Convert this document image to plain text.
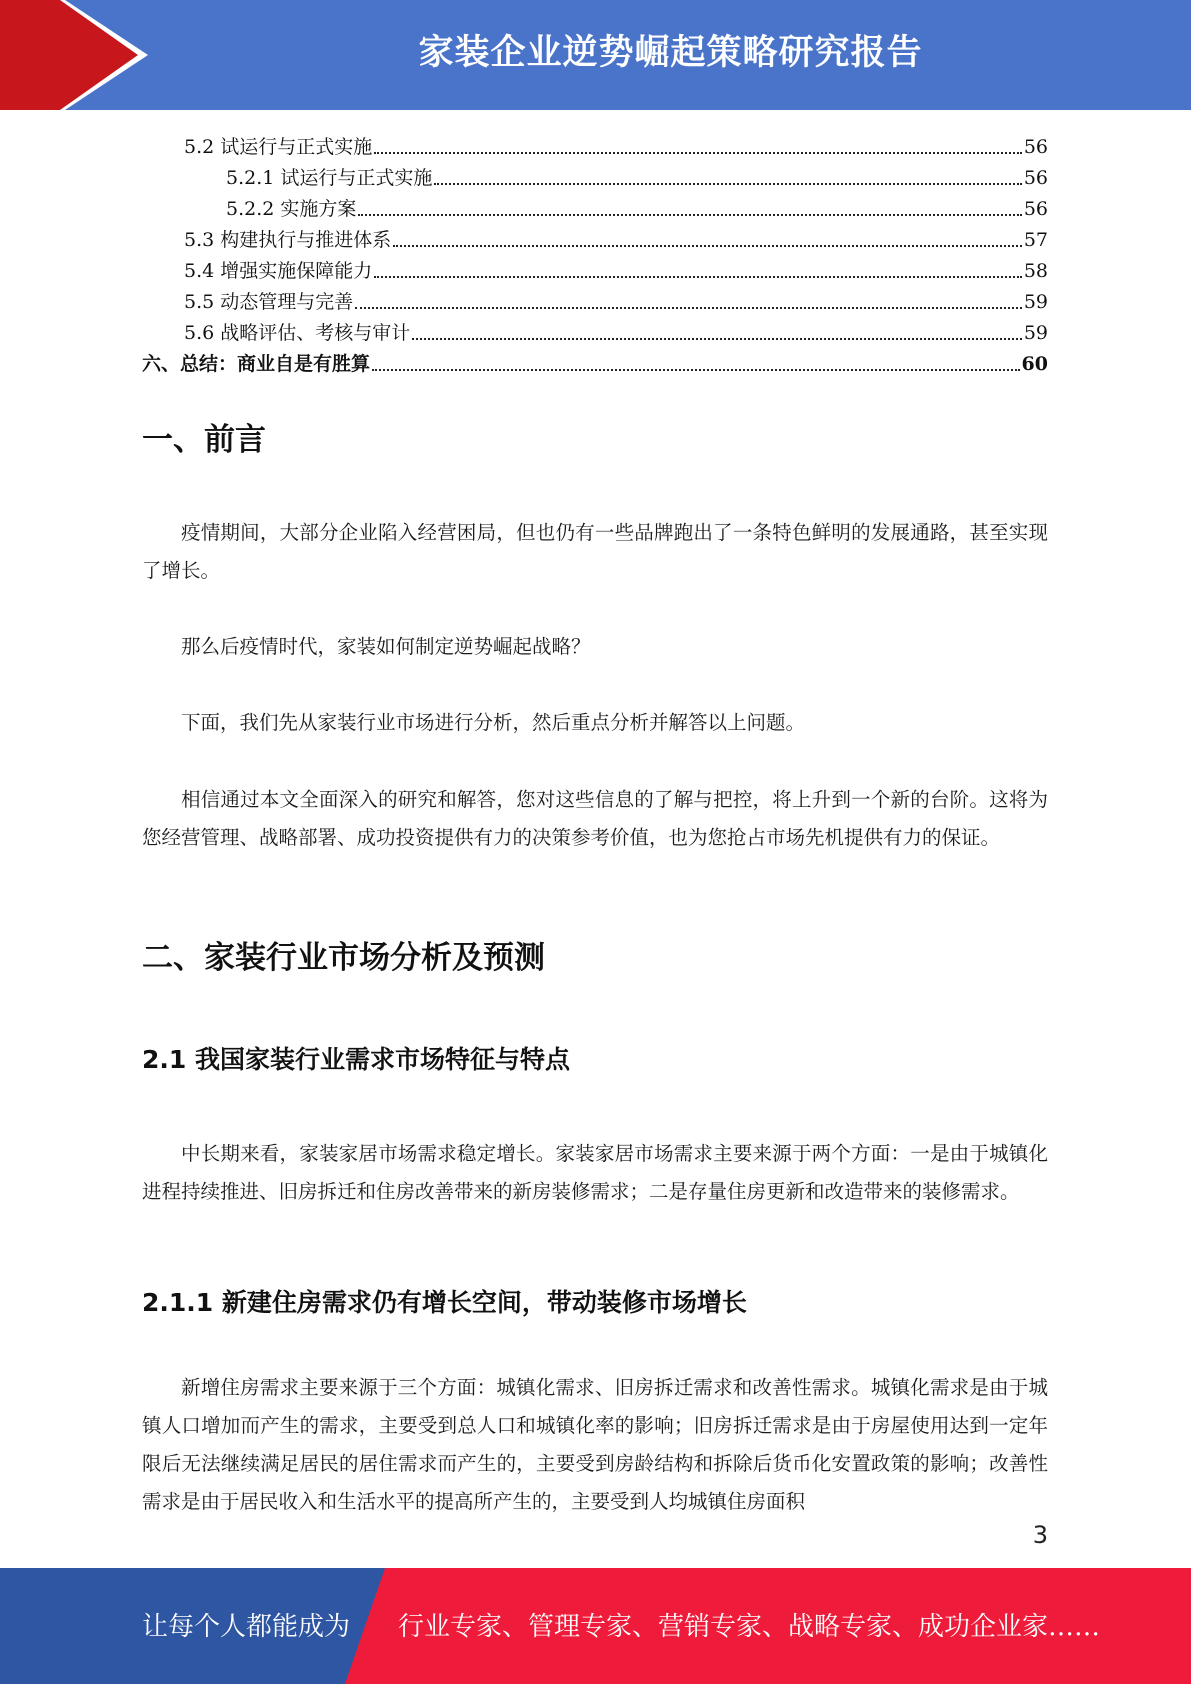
家装企业逆势崛起策略研究报告
5.2 试运行与正式实施	56
5.2.1 试运行与正式实施	56
5.2.2 实施方案	56
5.3 构建执行与推进体系	57
5.4 增强实施保障能力	58
5.5 动态管理与完善	59
5.6 战略评估、考核与审计	59
六、总结：商业自是有胜算	60
一、前言
疫情期间，大部分企业陷入经营困局，但也仍有一些品牌跑出了一条特色鲜明的发展通路，甚至实现了增长。
那么后疫情时代，家装如何制定逆势崛起战略？
下面，我们先从家装行业市场进行分析，然后重点分析并解答以上问题。
相信通过本文全面深入的研究和解答，您对这些信息的了解与把控，将上升到一个新的台阶。这将为您经营管理、战略部署、成功投资提供有力的决策参考价值，也为您抢占市场先机提供有力的保证。
二、家装行业市场分析及预测
2.1 我国家装行业需求市场特征与特点
中长期来看，家装家居市场需求稳定增长。家装家居市场需求主要来源于两个方面：一是由于城镇化进程持续推进、旧房拆迁和住房改善带来的新房装修需求；二是存量住房更新和改造带来的装修需求。
2.1.1 新建住房需求仍有增长空间，带动装修市场增长
新增住房需求主要来源于三个方面：城镇化需求、旧房拆迁需求和改善性需求。城镇化需求是由于城镇人口增加而产生的需求，主要受到总人口和城镇化率的影响；旧房拆迁需求是由于房屋使用达到一定年限后无法继续满足居民的居住需求而产生的，主要受到房龄结构和拆除后货币化安置政策的影响；改善性需求是由于居民收入和生活水平的提高所产生的，主要受到人均城镇住房面积
3
让每个人都能成为 行业专家、管理专家、营销专家、战略专家、成功企业家……
